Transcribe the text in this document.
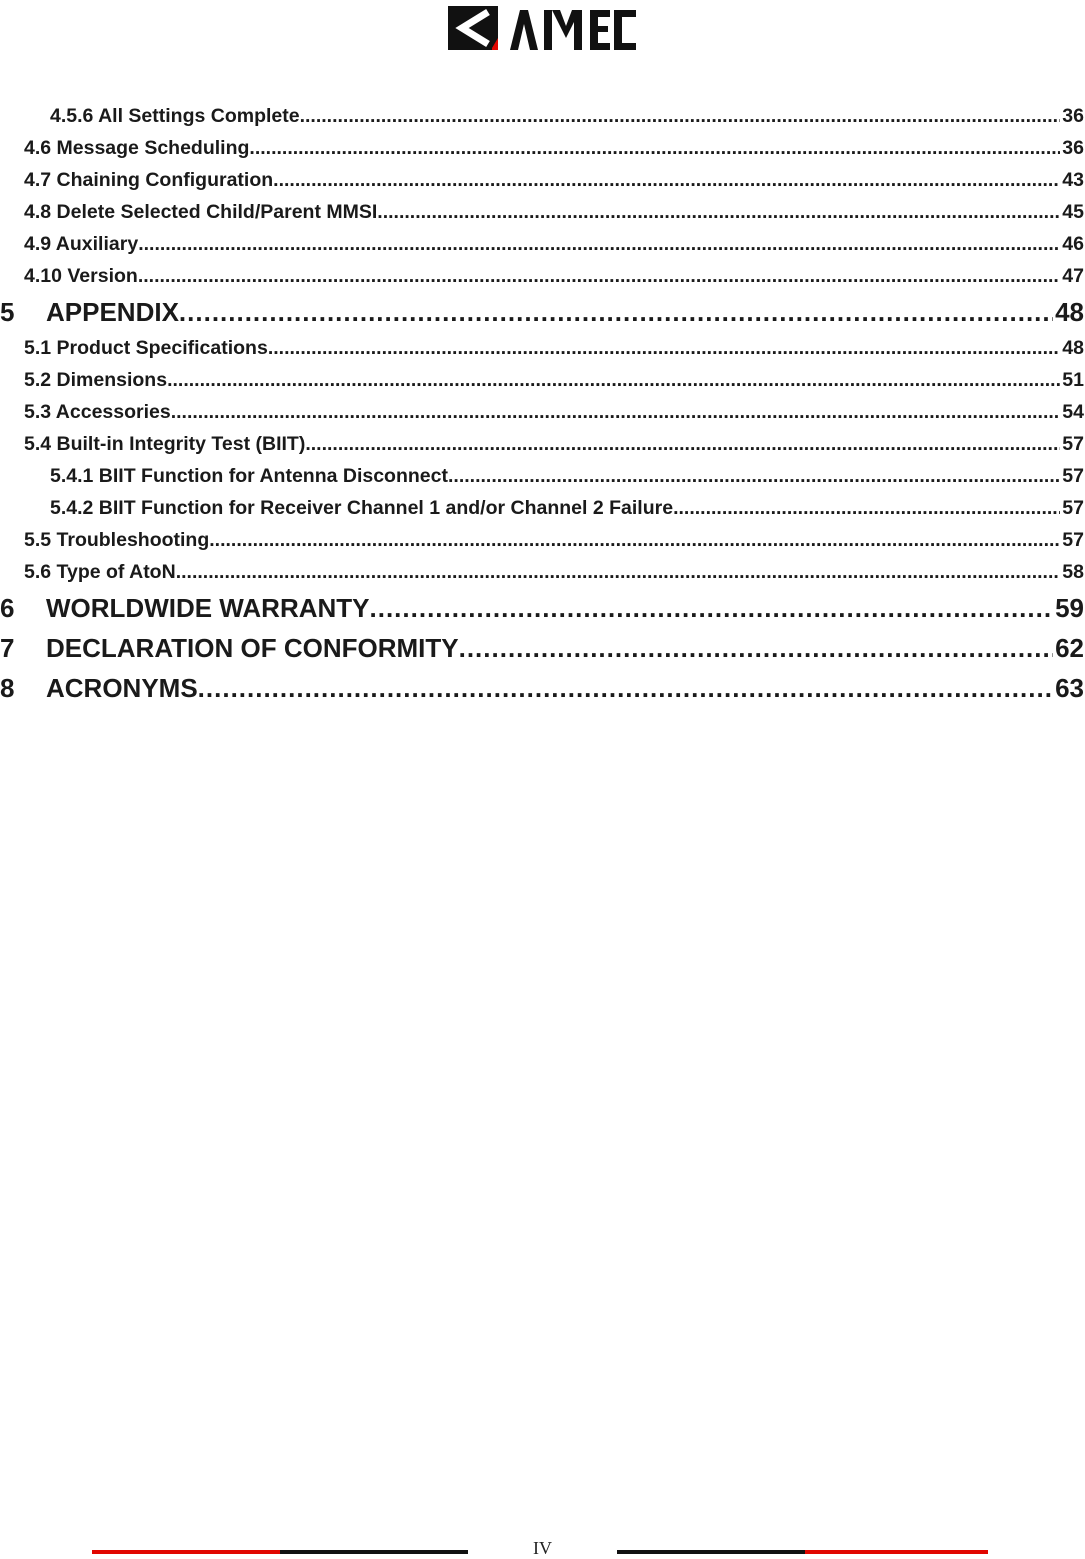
4.5.6 All Settings Complete .....	36
4.6 Message Scheduling .....	36
4.7 Chaining Configuration .....	43
4.8 Delete Selected Child/Parent MMSI .....	45
4.9 Auxiliary .....	46
4.10 Version .....	47
5 APPENDIX .....	48
5.1 Product Specifications .....	48
5.2 Dimensions .....	51
5.3 Accessories .....	54
5.4 Built-in Integrity Test (BIIT) .....	57
5.4.1 BIIT Function for Antenna Disconnect .....	57
5.4.2 BIIT Function for Receiver Channel 1 and/or Channel 2 Failure .....	57
5.5 Troubleshooting .....	57
5.6 Type of AtoN .....	58
6 WORLDWIDE WARRANTY .....	59
7 DECLARATION OF CONFORMITY .....	62
8 ACRONYMS .....	63
IV
